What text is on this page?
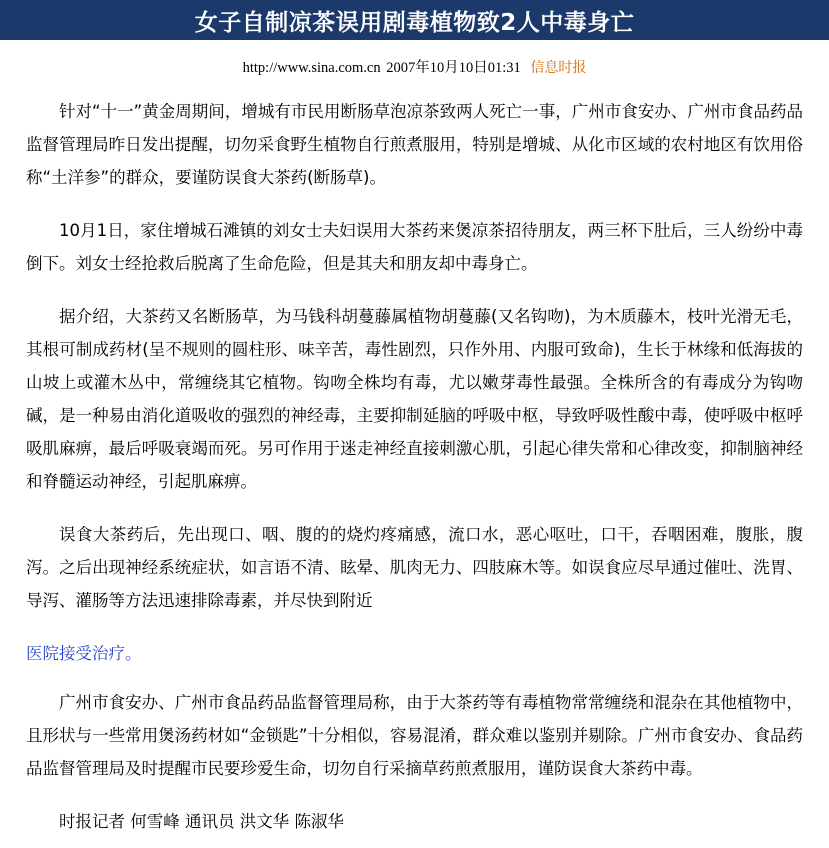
女子自制凉茶误用剧毒植物致2人中毒身亡
http://www.sina.com.cn 2007年10月10日01:31 信息时报

针对“十一”黄金周期间，增城有市民用断肠草泡凉茶致两人死亡一事，广州市食安办、广州市食品药品监督管理局昨日发出提醒，切勿采食野生植物自行煎煮服用，特别是增城、从化市区域的农村地区有饮用俗称“土洋参”的群众，要谨防误食大茶药(断肠草)。

10月1日，家住增城石滩镇的刘女士夫妇误用大茶药来煲凉茶招待朋友，两三杯下肚后，三人纷纷中毒倒下。刘女士经抢救后脱离了生命危险，但是其夫和朋友却中毒身亡。

据介绍，大茶药又名断肠草，为马钱科胡蔓藤属植物胡蔓藤(又名钩吻)，为木质藤木，枝叶光滑无毛，其根可制成药材(呈不规则的圆柱形、味辛苦，毒性剧烈，只作外用、内服可致命)，生长于林缘和低海拔的山坡上或灌木丛中，常缠绕其它植物。钩吻全株均有毒，尤以嫩芽毒性最强。全株所含的有毒成分为钩吻碱，是一种易由消化道吸收的强烈的神经毒，主要抑制延脑的呼吸中枢，导致呼吸性酸中毒，使呼吸中枢呼吸肌麻痹，最后呼吸衰竭而死。另可作用于迷走神经直接刺激心肌，引起心律失常和心律改变，抑制脑神经和脊髓运动神经，引起肌麻痹。

误食大茶药后，先出现口、咽、腹的的烧灼疼痛感，流口水，恶心呕吐，口干，吞咽困难，腹胀，腹泻。之后出现神经系统症状，如言语不清、眩晕、肌肉无力、四肢麻木等。如误食应尽早通过催吐、洗胃、导泻、灌肠等方法迅速排除毒素，并尽快到附近

医院接受治疗。

广州市食安办、广州市食品药品监督管理局称，由于大茶药等有毒植物常常缠绕和混杂在其他植物中，且形状与一些常用煲汤药材如“金锁匙”十分相似，容易混淆，群众难以鉴别并剔除。广州市食安办、食品药品监督管理局及时提醒市民要珍爱生命，切勿自行采摘草药煎煮服用，谨防误食大茶药中毒。

时报记者 何雪峰 通讯员 洪文华 陈淑华
